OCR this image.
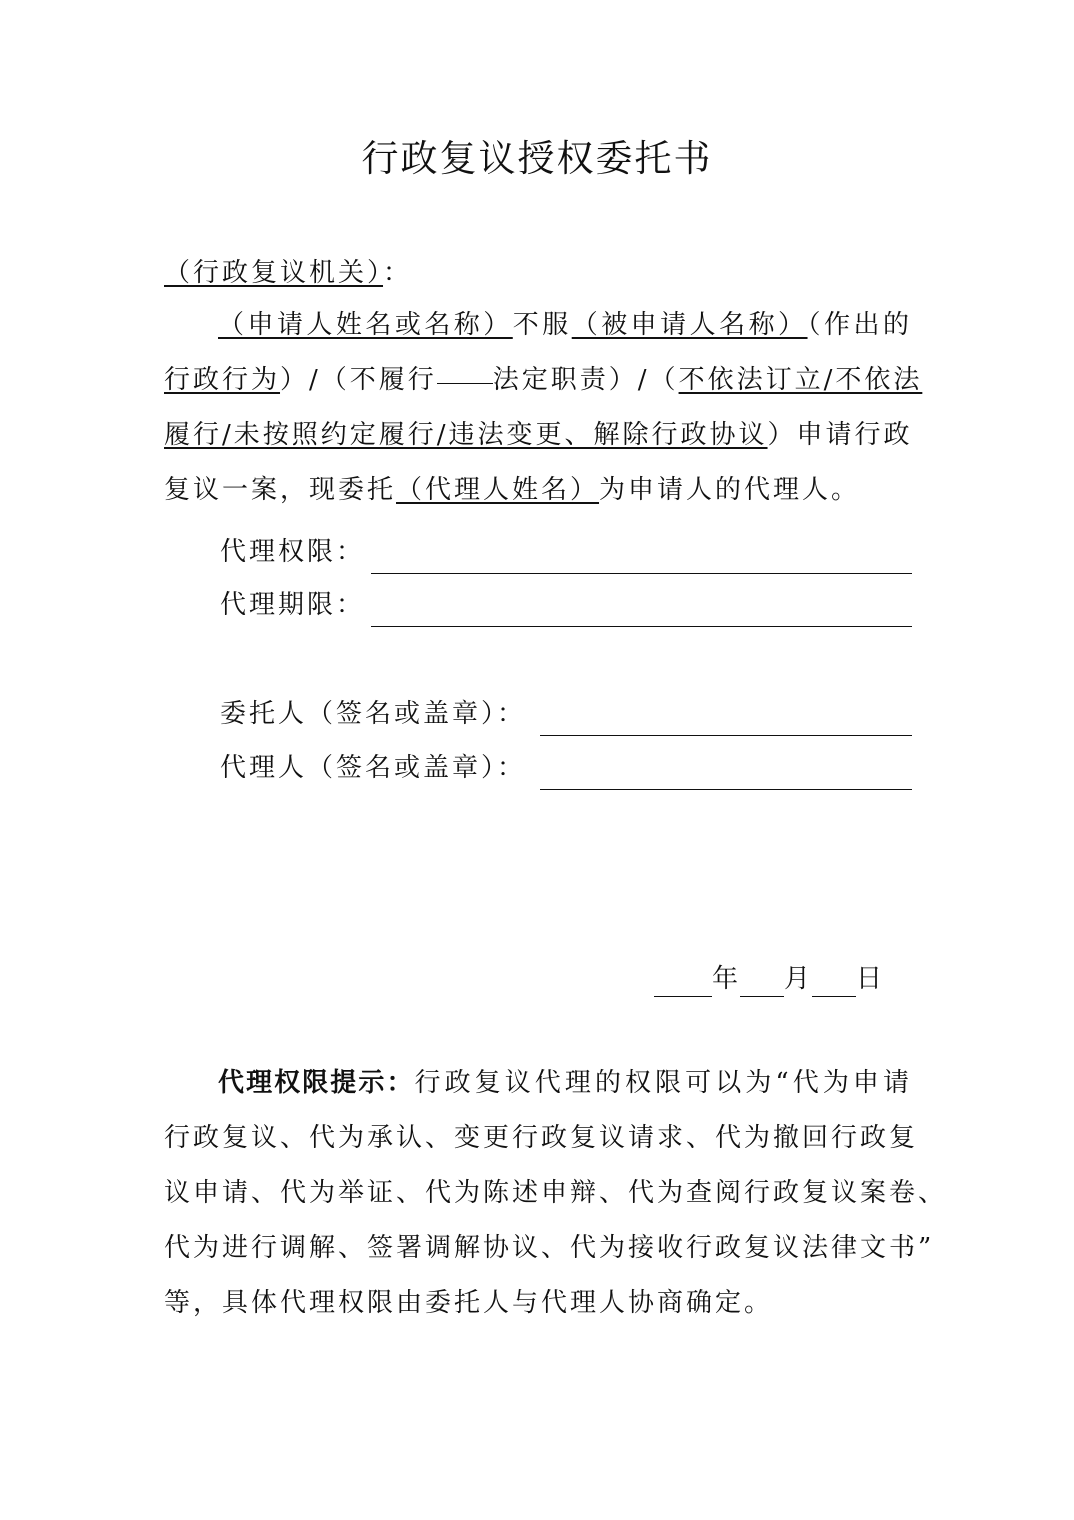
行政复议授权委托书
（行政复议机关）：
（申请人姓名或名称）不服（被申请人名称）（作出的
行政行为）/（不履行 法定职责）/（不依法订立/不依法
履行/未按照约定履行/违法变更、解除行政协议）申请行政
复议一案，现委托（代理人姓名）为申请人的代理人。
代理权限：
代理期限：
委托人（签名或盖章）：
代理人（签名或盖章）：
年 月 日
代理权限提示：行政复议代理的权限可以为“代为申请
行政复议、代为承认、变更行政复议请求、代为撤回行政复
议申请、代为举证、代为陈述申辩、代为查阅行政复议案卷、
代为进行调解、签署调解协议、代为接收行政复议法律文书”
等，具体代理权限由委托人与代理人协商确定。
